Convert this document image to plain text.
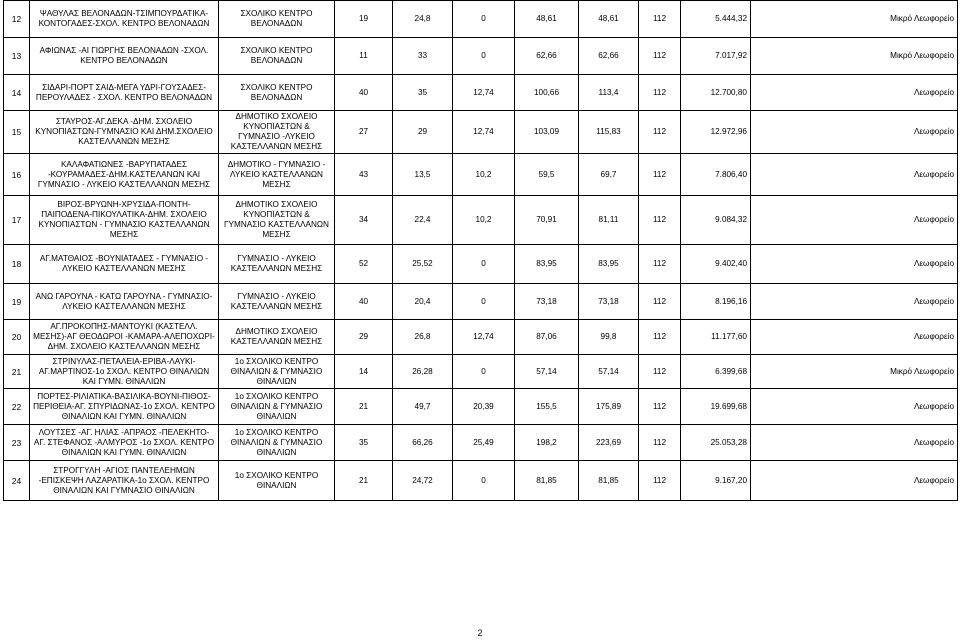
12	ΨΑΘΥΛΑΣ ΒΕΛΟΝΑΔΩΝ-ΤΣΙΜΠΟΥΡΔΑΤΙΚΑ-ΚΟΝΤΟΓΑΔΕΣ-ΣΧΟΛ. ΚΕΝΤΡΟ ΒΕΛΟΝΑΔΩΝ	ΣΧΟΛΙΚΟ ΚΕΝΤΡΟ ΒΕΛΟΝΑΔΩΝ	19	24,8	0	48,61	48,61	112	5.444,32	Μικρό Λεωφορείο
13	ΑΦΙΩΝΑΣ -ΑΙ ΓΙΩΡΓΗΣ ΒΕΛΟΝΑΔΩΝ -ΣΧΟΛ. ΚΕΝΤΡΟ ΒΕΛΟΝΑΔΩΝ	ΣΧΟΛΙΚΟ ΚΕΝΤΡΟ ΒΕΛΟΝΑΔΩΝ	11	33	0	62,66	62,66	112	7.017,92	Μικρό Λεωφορείο
14	ΣΙΔΑΡΙ-ΠΟΡΤ ΣΑΙΔ-ΜΕΓΑ ΥΔΡΙ-ΓΟΥΣΑΔΕΣ-ΠΕΡΟΥΛΑΔΕΣ - ΣΧΟΛ. ΚΕΝΤΡΟ ΒΕΛΟΝΑΔΩΝ	ΣΧΟΛΙΚΟ ΚΕΝΤΡΟ ΒΕΛΟΝΑΔΩΝ	40	35	12,74	100,66	113,4	112	12.700,80	Λεωφορείο
15	ΣΤΑΥΡΟΣ-ΑΓ.ΔΕΚΑ -ΔΗΜ. ΣΧΟΛΕΙΟ ΚΥΝΟΠΙΑΣΤΩΝ-ΓΥΜΝΑΣΙΟ ΚΑΙ ΔΗΜ.ΣΧΟΛΕΙΟ ΚΑΣΤΕΛΛΑΝΩΝ ΜΕΣΗΣ	ΔΗΜΟΤΙΚΟ ΣΧΟΛΕΙΟ ΚΥΝΟΠΙΑΣΤΩΝ & ΓΥΜΝΑΣΙΟ -ΛΥΚΕΙΟ ΚΑΣΤΕΛΛΑΝΩΝ ΜΕΣΗΣ	27	29	12,74	103,09	115,83	112	12.972,96	Λεωφορείο
16	ΚΑΛΑΦΑΤΙΩΝΕΣ -ΒΑΡΥΠΑΤΑΔΕΣ -ΚΟΥΡΑΜΑΔΕΣ-ΔΗΜ.ΚΑΣΤΕΛΑΝΩΝ ΚΑΙ ΓΥΜΝΑΣΙΟ - ΛΥΚΕΙΟ ΚΑΣΤΕΛΛΑΝΩΝ ΜΕΣΗΣ	ΔΗΜΟΤΙΚΟ - ΓΥΜΝΑΣΙΟ - ΛΥΚΕΙΟ ΚΑΣΤΕΛΛΑΝΩΝ ΜΕΣΗΣ	43	13,5	10,2	59,5	69,7	112	7.806,40	Λεωφορείο
17	ΒΙΡΟΣ-ΒΡΥΩΝΗ-ΧΡΥΣΙΔΑ-ΠΟΝΤΗ-ΠΑΙΠΟΔΕΝΑ-ΠΙΚΟΥΛΑΤΙΚΑ-ΔΗΜ. ΣΧΟΛΕΙΟ ΚΥΝΟΠΙΑΣΤΩΝ - ΓΥΜΝΑΣΙΟ ΚΑΣΤΕΛΛΑΝΩΝ ΜΕΣΗΣ	ΔΗΜΟΤΙΚΟ ΣΧΟΛΕΙΟ ΚΥΝΟΠΙΑΣΤΩΝ & ΓΥΜΝΑΣΙΟ ΚΑΣΤΕΛΛΑΝΩΝ ΜΕΣΗΣ	34	22,4	10,2	70,91	81,11	112	9.084,32	Λεωφορείο
18	ΑΓ.ΜΑΤΘΑΙΟΣ -ΒΟΥΝΙΑΤΑΔΕΣ - ΓΥΜΝΑΣΙΟ - ΛΥΚΕΙΟ ΚΑΣΤΕΛΛΑΝΩΝ ΜΕΣΗΣ	ΓΥΜΝΑΣΙΟ - ΛΥΚΕΙΟ ΚΑΣΤΕΛΛΑΝΩΝ ΜΕΣΗΣ	52	25,52	0	83,95	83,95	112	9.402,40	Λεωφορείο
19	ΑΝΩ ΓΑΡΟΥΝΑ - ΚΑΤΩ ΓΑΡΟΥΝΑ - ΓΥΜΝΑΣΙΟ-ΛΥΚΕΙΟ ΚΑΣΤΕΛΛΑΝΩΝ ΜΕΣΗΣ	ΓΥΜΝΑΣΙΟ - ΛΥΚΕΙΟ ΚΑΣΤΕΛΛΑΝΩΝ ΜΕΣΗΣ	40	20,4	0	73,18	73,18	112	8.196,16	Λεωφορείο
20	ΑΓ.ΠΡΟΚΟΠΗΣ-ΜΑΝΤΟΥΚΙ (ΚΑΣΤΕΛΛ. ΜΕΣΗΣ)-ΑΓ ΘΕΟΔΩΡΟΙ -ΚΑΜΑΡΑ-ΑΛΕΠΟΧΩΡΙ-ΔΗΜ. ΣΧΟΛΕΙΟ ΚΑΣΤΕΛΛΑΝΩΝ ΜΕΣΗΣ	ΔΗΜΟΤΙΚΟ ΣΧΟΛΕΙΟ ΚΑΣΤΕΛΛΑΝΩΝ ΜΕΣΗΣ	29	26,8	12,74	87,06	99,8	112	11.177,60	Λεωφορείο
21	ΣΤΡΙΝΥΛΑΣ-ΠΕΤΑΛΕΙΑ-ΕΡΙΒΑ-ΛΑΥΚΙ-ΑΓ.ΜΑΡΤΙΝΟΣ-1ο ΣΧΟΛ. ΚΕΝΤΡΟ ΘΙΝΑΛΙΩΝ ΚΑΙ ΓΥΜΝ. ΘΙΝΑΛΙΩΝ	1ο ΣΧΟΛΙΚΟ ΚΕΝΤΡΟ ΘΙΝΑΛΙΩΝ & ΓΥΜΝΑΣΙΟ ΘΙΝΑΛΙΩΝ	14	26,28	0	57,14	57,14	112	6.399,68	Μικρό Λεωφορείο
22	ΠΟΡΤΕΣ-ΡΙΛΙΑΤΙΚΑ-ΒΑΣΙΛΙΚΑ-ΒΟΥΝΙ-ΠΙΘΟΣ-ΠΕΡΙΘΕΙΑ-ΑΓ. ΣΠΥΡΙΔΩΝΑΣ-1ο ΣΧΟΛ. ΚΕΝΤΡΟ ΘΙΝΑΛΙΩΝ ΚΑΙ ΓΥΜΝ. ΘΙΝΑΛΙΩΝ	1ο ΣΧΟΛΙΚΟ ΚΕΝΤΡΟ ΘΙΝΑΛΙΩΝ & ΓΥΜΝΑΣΙΟ ΘΙΝΑΛΙΩΝ	21	49,7	20,39	155,5	175,89	112	19.699,68	Λεωφορείο
23	ΛΟΥΤΣΕΣ -ΑΓ. ΗΛΙΑΣ -ΑΠΡΑΟΣ -ΠΕΛΕΚΗΤΟ-ΑΓ. ΣΤΕΦΑΝΟΣ -ΑΛΜΥΡΟΣ -1ο ΣΧΟΛ. ΚΕΝΤΡΟ ΘΙΝΑΛΙΩΝ ΚΑΙ ΓΥΜΝ. ΘΙΝΑΛΙΩΝ	1ο ΣΧΟΛΙΚΟ ΚΕΝΤΡΟ ΘΙΝΑΛΙΩΝ & ΓΥΜΝΑΣΙΟ ΘΙΝΑΛΙΩΝ	35	66,26	25,49	198,2	223,69	112	25.053,28	Λεωφορείο
24	ΣΤΡΟΓΓΥΛΗ -ΑΓΙΟΣ ΠΑΝΤΕΛΕΗΜΩΝ -ΕΠΙΣΚΕΨΗ ΛΑΖΑΡΑΤΙΚΑ-1ο ΣΧΟΛ. ΚΕΝΤΡΟ ΘΙΝΑΛΙΩΝ ΚΑΙ ΓΥΜΝΑΣΙΟ ΘΙΝΑΛΙΩΝ	1ο ΣΧΟΛΙΚΟ ΚΕΝΤΡΟ ΘΙΝΑΛΙΩΝ	21	24,72	0	81,85	81,85	112	9.167,20	Λεωφορείο
2
